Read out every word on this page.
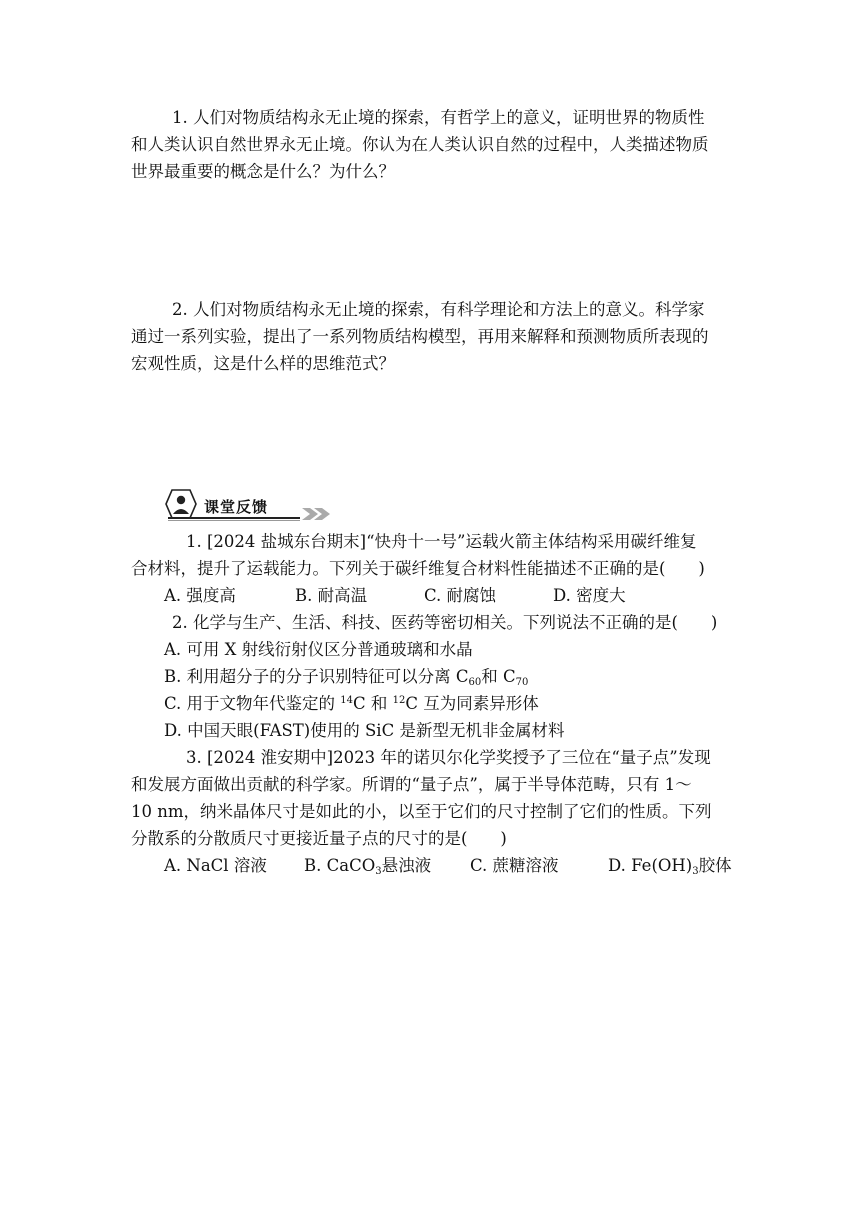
1. 人们对物质结构永无止境的探索，有哲学上的意义，证明世界的物质性
和人类认识自然世界永无止境。你认为在人类认识自然的过程中，人类描述物质
世界最重要的概念是什么？为什么？
2. 人们对物质结构永无止境的探索，有科学理论和方法上的意义。科学家
通过一系列实验，提出了一系列物质结构模型，再用来解释和预测物质所表现的
宏观性质，这是什么样的思维范式？
课堂反馈
1. [2024 盐城东台期末]“快舟十一号”运载火箭主体结构采用碳纤维复
合材料，提升了运载能力。下列关于碳纤维复合材料性能描述不正确的是(　　)
A. 强度高	B. 耐高温	C. 耐腐蚀	D. 密度大
2. 化学与生产、生活、科技、医药等密切相关。下列说法不正确的是(　　)
A. 可用 X 射线衍射仪区分普通玻璃和水晶
B. 利用超分子的分子识别特征可以分离 $C_{60}$和 $C_{70}$
C. 用于文物年代鉴定的 $^{14}$C 和 $^{12}$C 互为同素异形体
D. 中国天眼(FAST)使用的 SiC 是新型无机非金属材料
3. [2024 淮安期中]2023 年的诺贝尔化学奖授予了三位在“量子点”发现
和发展方面做出贡献的科学家。所谓的“量子点”，属于半导体范畴，只有 1～
10 nm，纳米晶体尺寸是如此的小，以至于它们的尺寸控制了它们的性质。下列
分散系的分散质尺寸更接近量子点的尺寸的是(　　)
A. NaCl 溶液 B. CaCO$_3$悬浊液 C. 蔗糖溶液	D. $Fe(OH)_3$胶体
